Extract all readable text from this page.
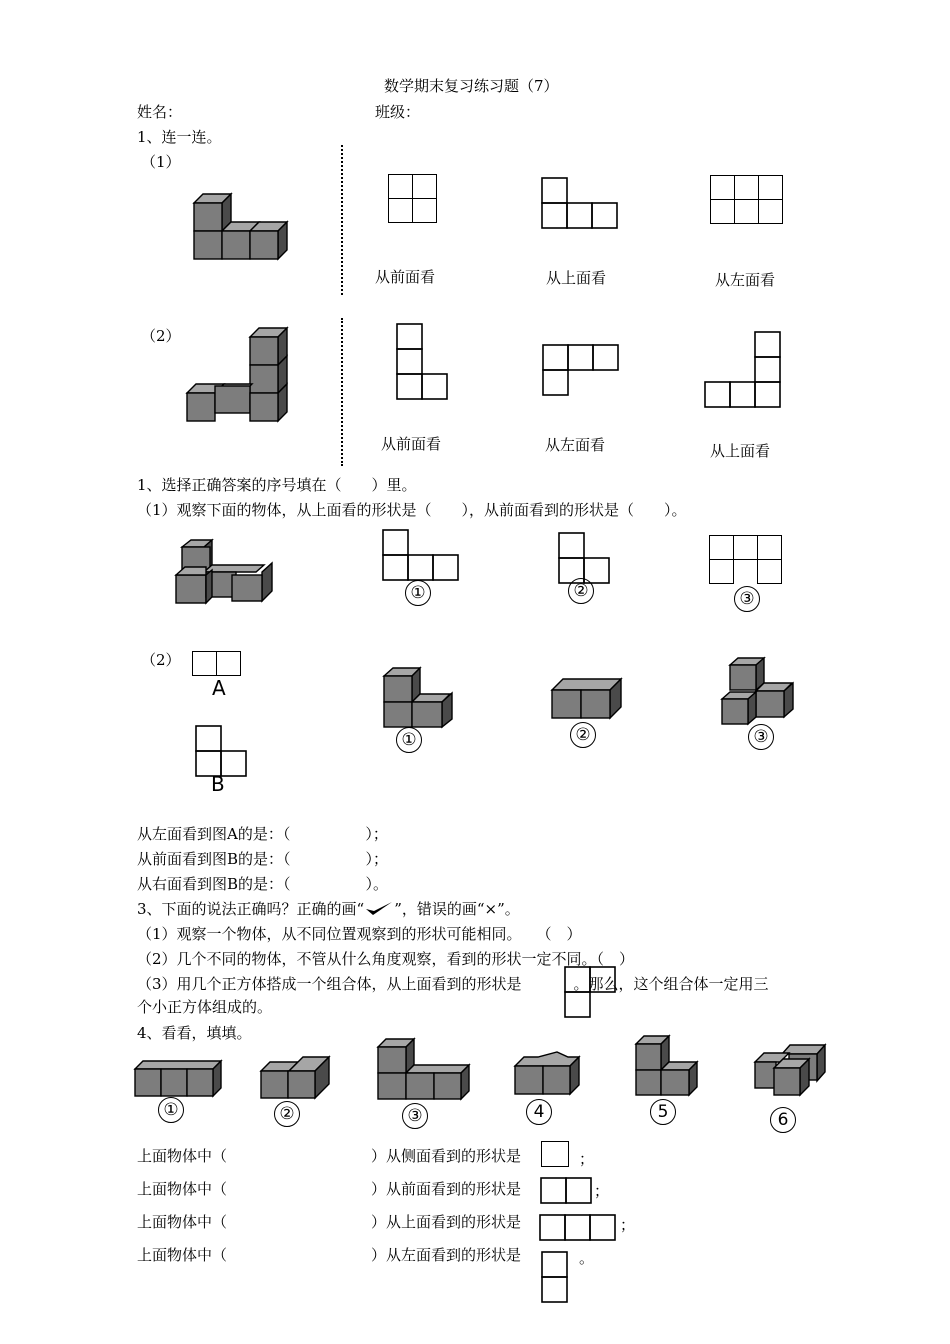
数学期末复习练习题（7）
姓名：	班级：
1、连一连。
（1）

从前面看	从上面看	从左面看
（2）
从前面看	从左面看	从上面看
1、选择正确答案的序号填在（　　）里。
（1）观察下面的物体，从上面看的形状是（　　），从前面看到的形状是（　　）。
①	②

			③
（2）

A
B
①	②	③
从左面看到图A的是：（　　　　　）；
从前面看到图B的是：（　　　　　）；
从右面看到图B的是：（　　　　　）。
3、下面的说法正确吗？正确的画“ ”，错误的画“×”。
（1）观察一个物体，从不同位置观察到的形状可能相同。　　（　）
（2）几个不同的物体，不管从什么角度观察，看到的形状一定不同。（　）
（3）用几个正方体搭成一个组合体，从上面看到的形状是	。那么，这个组合体一定用三
个小正方体组成的。
4、看看，填填。
①	②	③	4	5	6
上面物体中（	）从侧面看到的形状是	；
上面物体中（	）从前面看到的形状是	；
上面物体中（	）从上面看到的形状是	；
上面物体中（	）从左面看到的形状是	。
